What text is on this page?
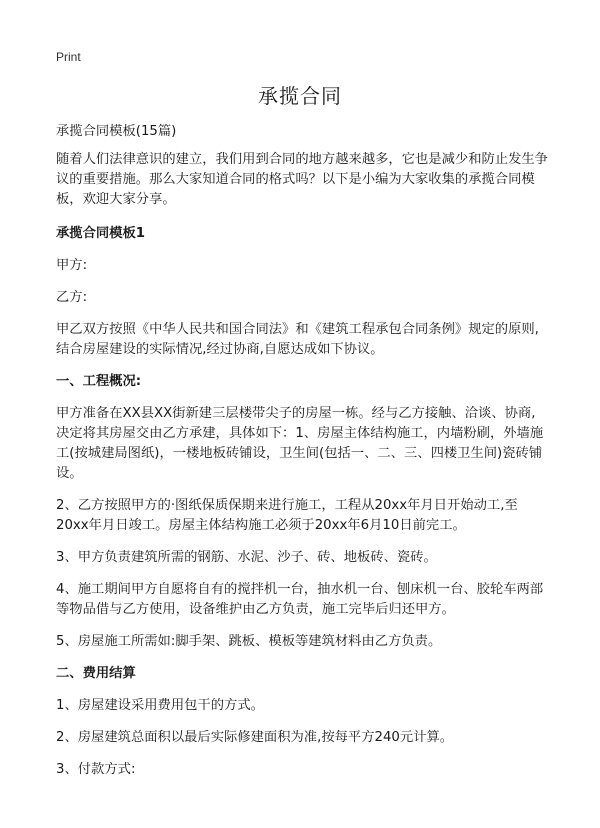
Print
承揽合同

承揽合同模板(15篇)

随着人们法律意识的建立，我们用到合同的地方越来越多，它也是减少和防止发生争议的重要措施。那么大家知道合同的格式吗？以下是小编为大家收集的承揽合同模板，欢迎大家分享。

承揽合同模板1

甲方:

乙方:

甲乙双方按照《中华人民共和国合同法》和《建筑工程承包合同条例》规定的原则,结合房屋建设的实际情况,经过协商,自愿达成如下协议。

一、工程概况:

甲方准备在XX县XX街新建三层楼带尖子的房屋一栋。经与乙方接触、洽谈、协商,决定将其房屋交由乙方承建，具体如下：1、房屋主体结构施工，内墙粉刷，外墙施工(按城建局图纸)，一楼地板砖铺设，卫生间(包括一、二、三、四楼卫生间)瓷砖铺设。

2、乙方按照甲方的·图纸保质保期来进行施工，工程从20xx年月日开始动工,至20xx年月日竣工。房屋主体结构施工必须于20xx年6月10日前完工。

3、甲方负责建筑所需的钢筋、水泥、沙子、砖、地板砖、瓷砖。

4、施工期间甲方自愿将自有的搅拌机一台，抽水机一台、刨床机一台、胶轮车两部等物品借与乙方使用，设备维护由乙方负责，施工完毕后归还甲方。

5、房屋施工所需如:脚手架、跳板、模板等建筑材料由乙方负责。

二、费用结算

1、房屋建设采用费用包干的方式。

2、房屋建筑总面积以最后实际修建面积为准,按每平方240元计算。

3、付款方式:
